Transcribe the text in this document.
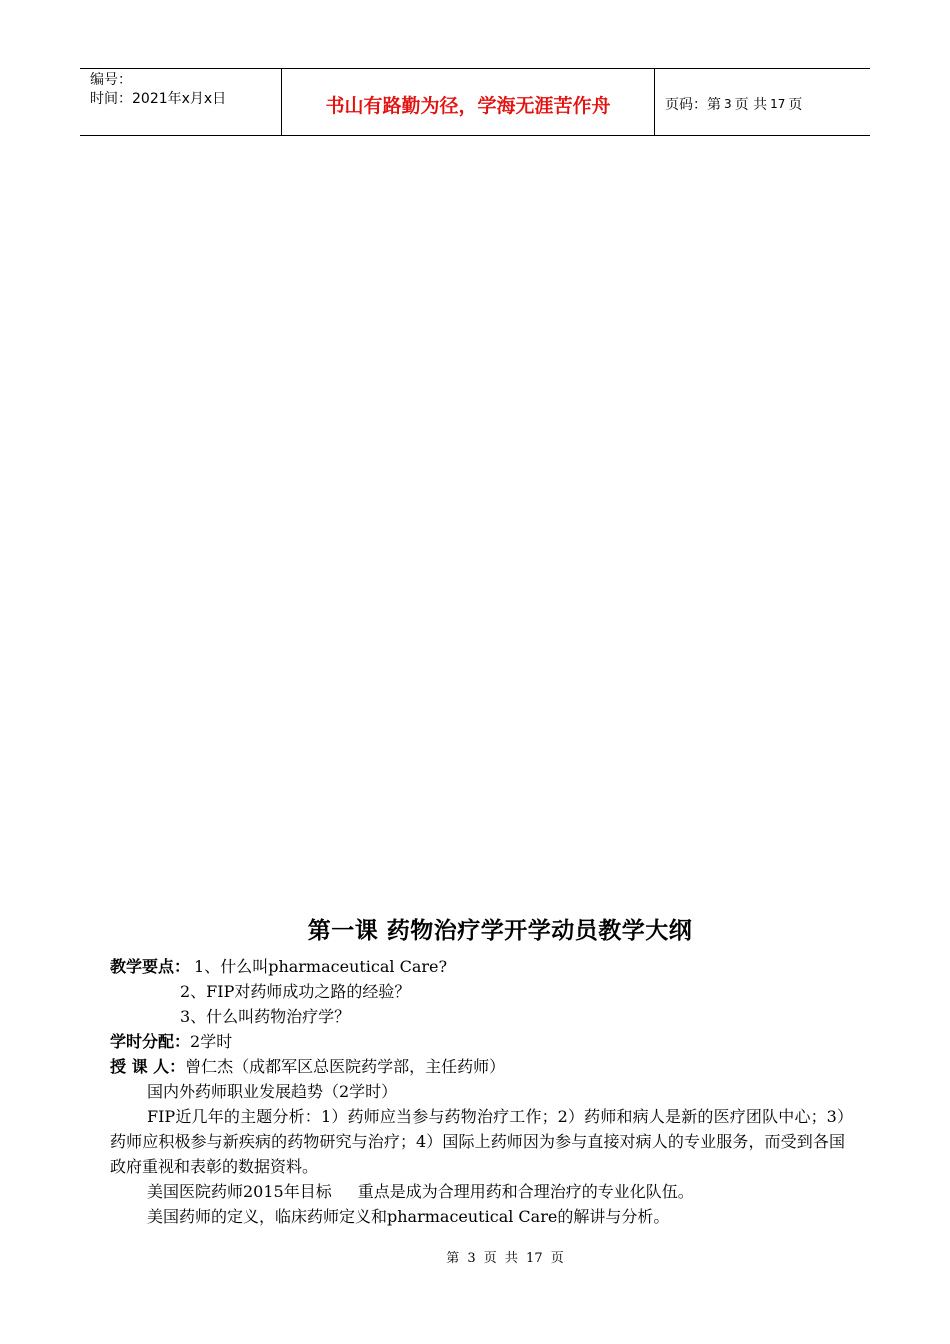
编号：
时间：2021年x月x日	书山有路勤为径，学海无涯苦作舟	页码：第 3 页 共 17 页
第一课 药物治疗学开学动员教学大纲
教学要点： 1、什么叫pharmaceutical Care?
2、FIP对药师成功之路的经验？
3、什么叫药物治疗学？
学时分配：2学时
授 课 人：曾仁杰（成都军区总医院药学部，主任药师）
国内外药师职业发展趋势（2学时）
FIP近几年的主题分析：1）药师应当参与药物治疗工作；2）药师和病人是新的医疗团队中心；3）药师应积极参与新疾病的药物研究与治疗；4）国际上药师因为参与直接对病人的专业服务，而受到各国政府重视和表彰的数据资料。
美国医院药师2015年目标 重点是成为合理用药和合理治疗的专业化队伍。
美国药师的定义，临床药师定义和pharmaceutical Care的解讲与分析。
第 3 页 共 17 页
